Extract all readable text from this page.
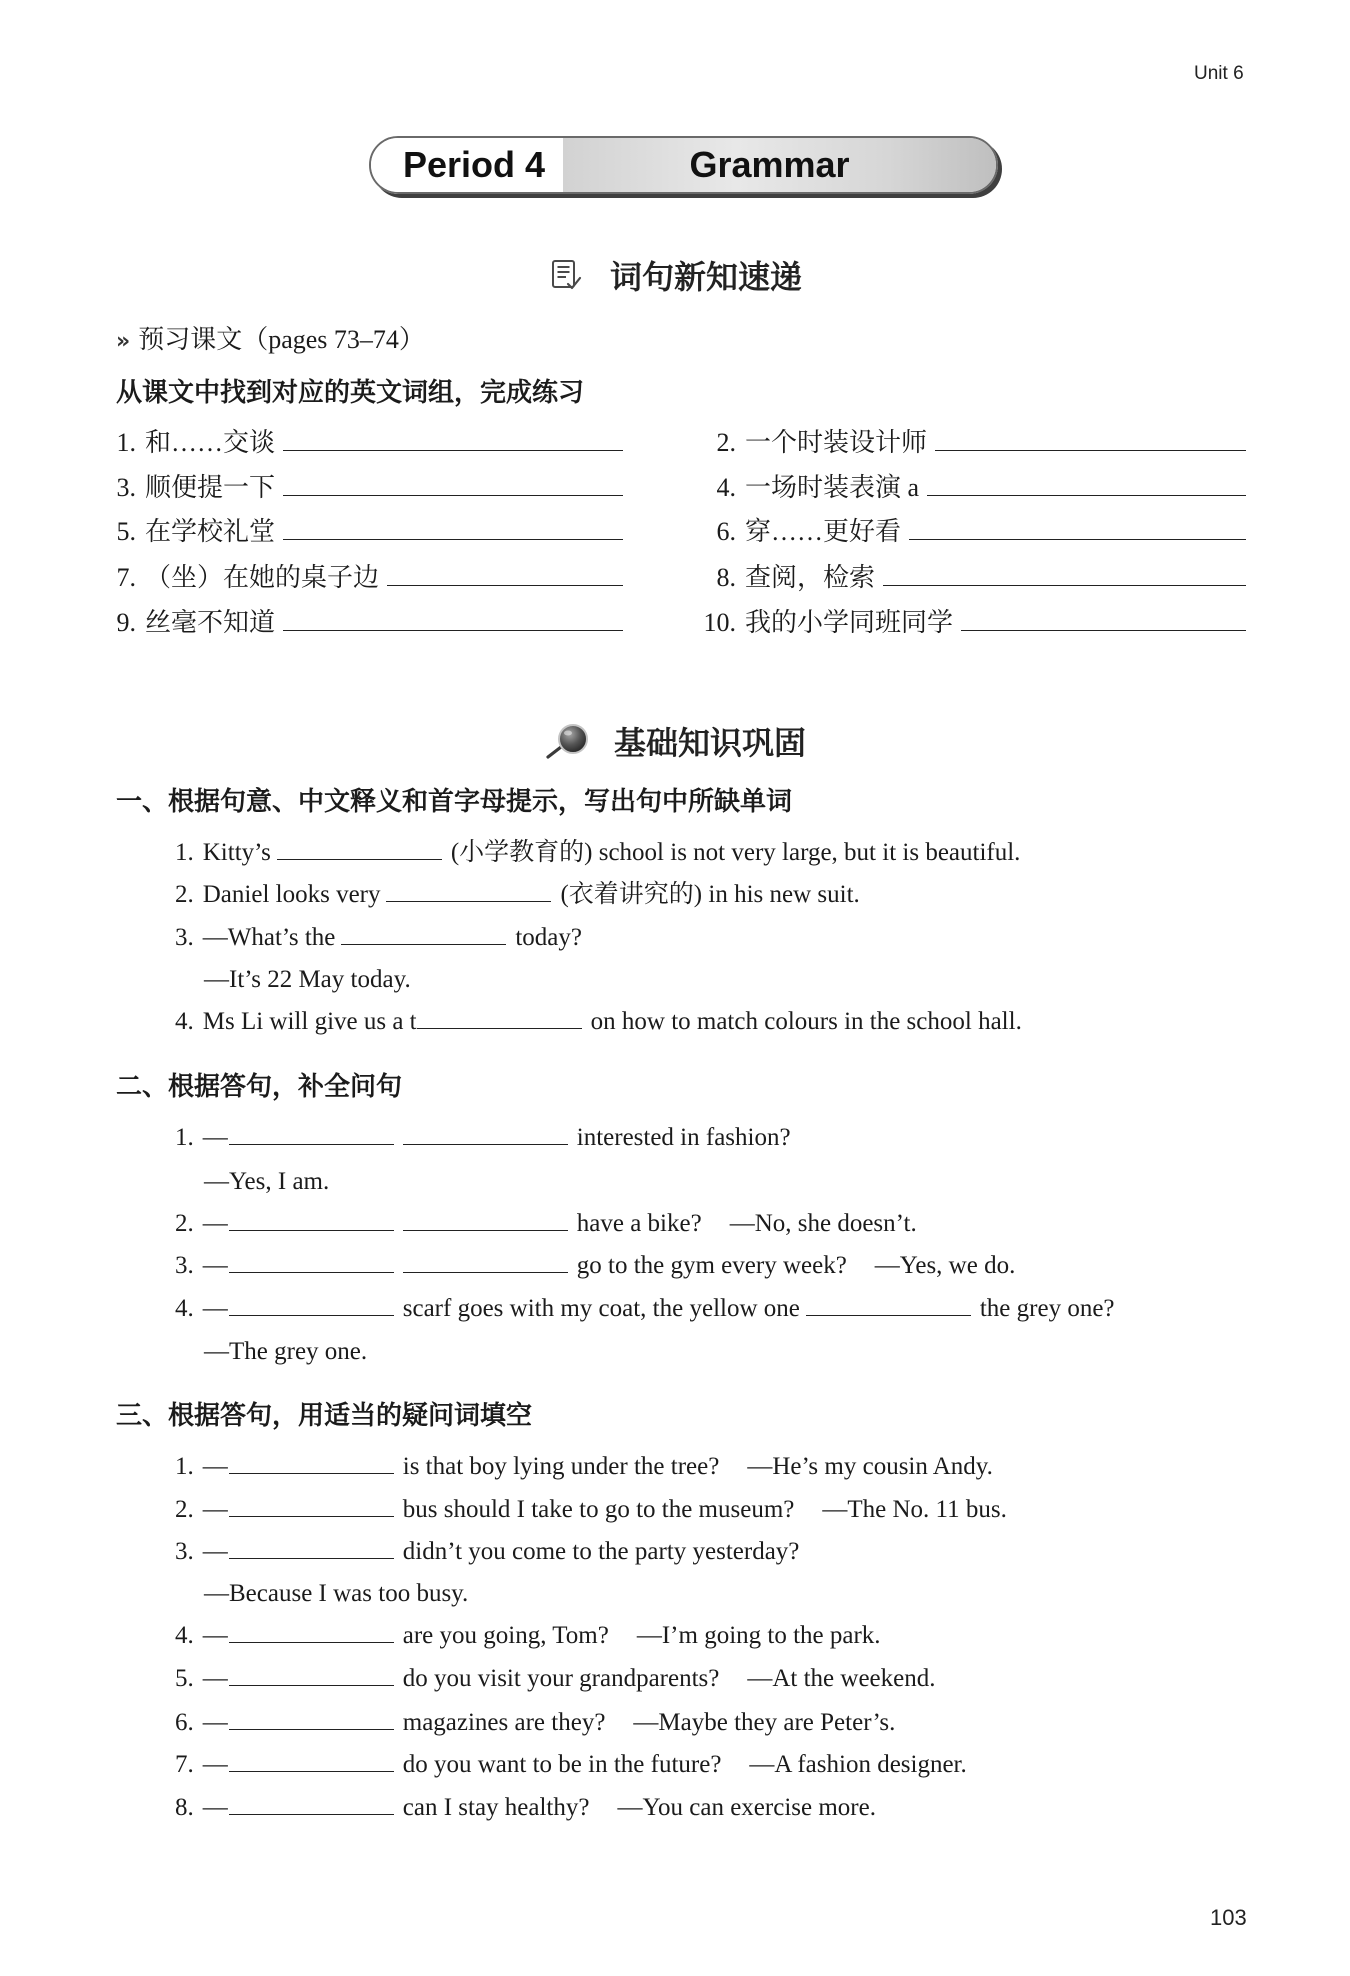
Unit 6
Period 4	Grammar
词句新知速递
» 预习课文（pages 73–74）
从课文中找到对应的英文词组，完成练习
1. 和……交谈	2. 一个时装设计师
3. 顺便提一下	4. 一场时装表演 a
5. 在学校礼堂	6. 穿……更好看
7. （坐）在她的桌子边	8. 查阅，检索
9. 丝毫不知道	10. 我的小学同班同学
基础知识巩固
一、根据句意、中文释义和首字母提示，写出句中所缺单词
1. Kitty’s	(小学教育的) school is not very large, but it is beautiful.
2. Daniel looks very	(衣着讲究的) in his new suit.
3. —What’s the	today?
—It’s 22 May today.
4. Ms Li will give us a t	on how to match colours in the school hall.
二、根据答句，补全问句
1. —	interested in fashion?
—Yes, I am.
2. —	have a bike? —No, she doesn’t.
3. —	go to the gym every week? —Yes, we do.
4. —	scarf goes with my coat, the yellow one	the grey one?
—The grey one.
三、根据答句，用适当的疑问词填空
1. —	is that boy lying under the tree? —He’s my cousin Andy.
2. —	bus should I take to go to the museum? —The No. 11 bus.
3. —	didn’t you come to the party yesterday?
—Because I was too busy.
4. —	are you going, Tom? —I’m going to the park.
5. —	do you visit your grandparents? —At the weekend.
6. —	magazines are they? —Maybe they are Peter’s.
7. —	do you want to be in the future? —A fashion designer.
8. —	can I stay healthy? —You can exercise more.
103
